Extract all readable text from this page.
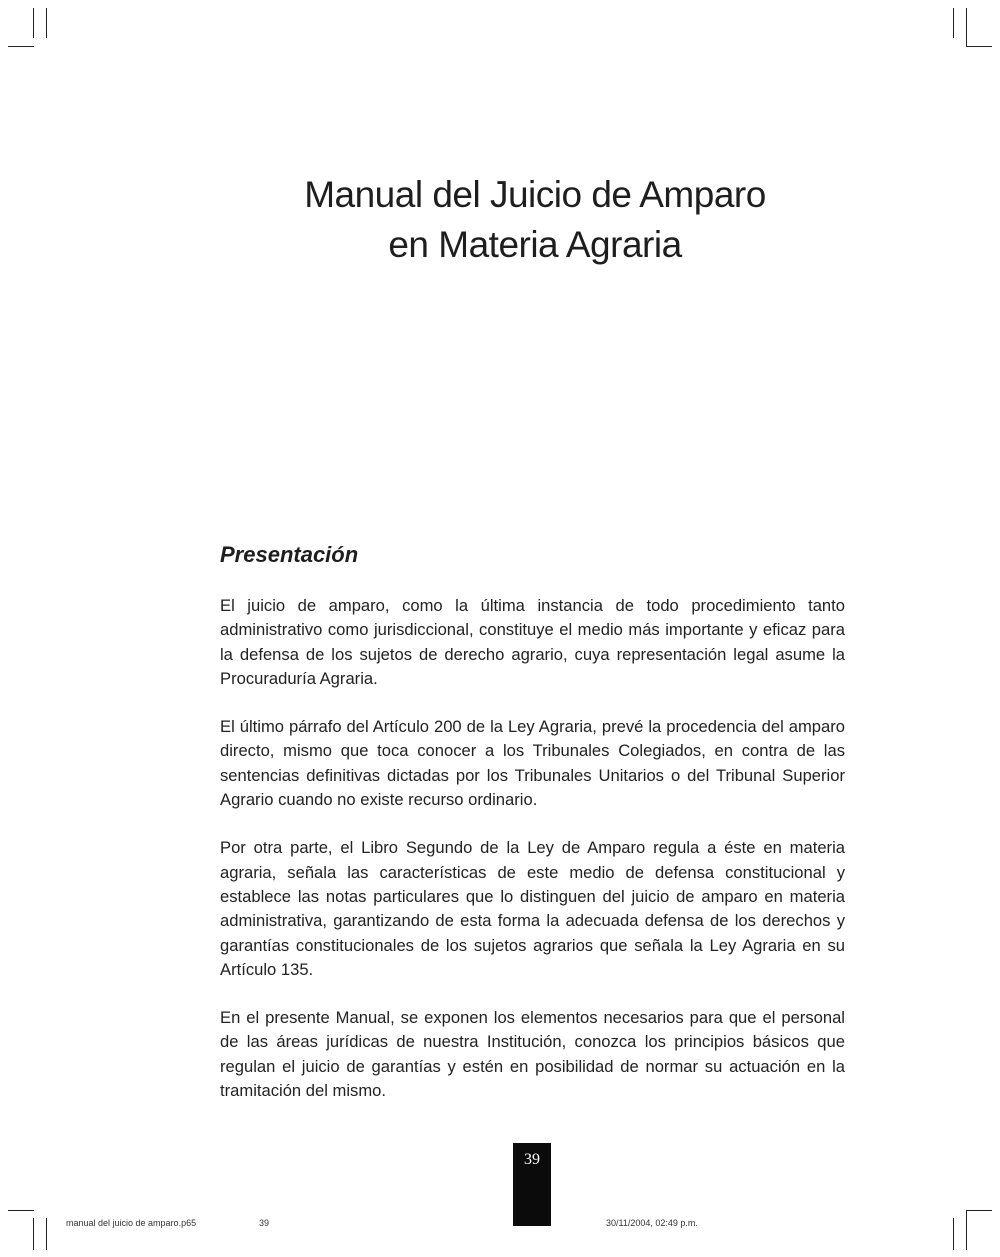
Manual del Juicio de Amparo
en Materia Agraria
Presentación

El juicio de amparo, como la última instancia de todo procedimiento tanto administrativo como jurisdiccional, constituye el medio más importante y eficaz para la defensa de los sujetos de derecho agrario, cuya representación legal asume la Procuraduría Agraria.

El último párrafo del Artículo 200 de la Ley Agraria, prevé la procedencia del amparo directo, mismo que toca conocer a los Tribunales Colegiados, en contra de las sentencias definitivas dictadas por los Tribunales Unitarios o del Tribunal Superior Agrario cuando no existe recurso ordinario.

Por otra parte, el Libro Segundo de la Ley de Amparo regula a éste en materia agraria, señala las características de este medio de defensa constitucional y establece las notas particulares que lo distinguen del juicio de amparo en materia administrativa, garantizando de esta forma la adecuada defensa de los derechos y garantías constitucionales de los sujetos agrarios que señala la Ley Agraria en su Artículo 135.

En el presente Manual, se exponen los elementos necesarios para que el personal de las áreas jurídicas de nuestra Institución, conozca los principios básicos que regulan el juicio de garantías y estén en posibilidad de normar su actuación en la tramitación del mismo.

39
manual del juicio de amparo.p65	39	30/11/2004, 02:49 p.m.
